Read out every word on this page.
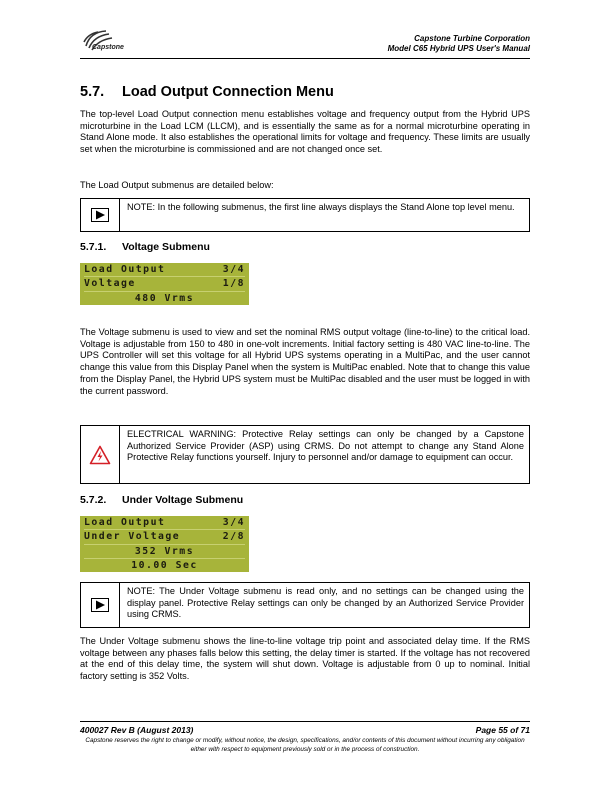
Capstone
Capstone Turbine Corporation
Model C65 Hybrid UPS User's Manual
5.7. Load Output Connection Menu

The top-level Load Output connection menu establishes voltage and frequency output from the Hybrid UPS microturbine in the Load LCM (LLCM), and is essentially the same as for a normal microturbine operating in Stand Alone mode. It also establishes the operational limits for voltage and frequency. These limits are usually set when the microturbine is commissioned and are not changed once set.

The Load Output submenus are detailed below:

NOTE: In the following submenus, the first line always displays the Stand Alone top level menu.
5.7.1. Voltage Submenu
Load Output	3/4
Voltage	1/8
480 Vrms

The Voltage submenu is used to view and set the nominal RMS output voltage (line-to-line) to the critical load. Voltage is adjustable from 150 to 480 in one-volt increments. Initial factory setting is 480 VAC line-to-line. The UPS Controller will set this voltage for all Hybrid UPS systems operating in a MultiPac, and the user cannot change this value from this Display Panel when the system is MultiPac enabled. Note that to change this value from the Display Panel, the Hybrid UPS system must be MultiPac disabled and the user must be logged in with the current password.

ELECTRICAL WARNING: Protective Relay settings can only be changed by a Capstone Authorized Service Provider (ASP) using CRMS. Do not attempt to change any Stand Alone Protective Relay functions yourself. Injury to personnel and/or damage to equipment can occur.
5.7.2. Under Voltage Submenu
Load Output	3/4
Under Voltage	2/8
352 Vrms
10.00 Sec
NOTE: The Under Voltage submenu is read only, and no settings can be changed using the display panel. Protective Relay settings can only be changed by an Authorized Service Provider using CRMS.

The Under Voltage submenu shows the line-to-line voltage trip point and associated delay time. If the RMS voltage between any phases falls below this setting, the delay timer is started. If the voltage has not recovered at the end of this delay time, the system will shut down. Voltage is adjustable from 0 up to nominal. Initial factory setting is 352 Volts.

400027 Rev B (August 2013)	Page 55 of 71
Capstone reserves the right to change or modify, without notice, the design, specifications, and/or contents of this document without incurring any obligation either with respect to equipment previously sold or in the process of construction.
